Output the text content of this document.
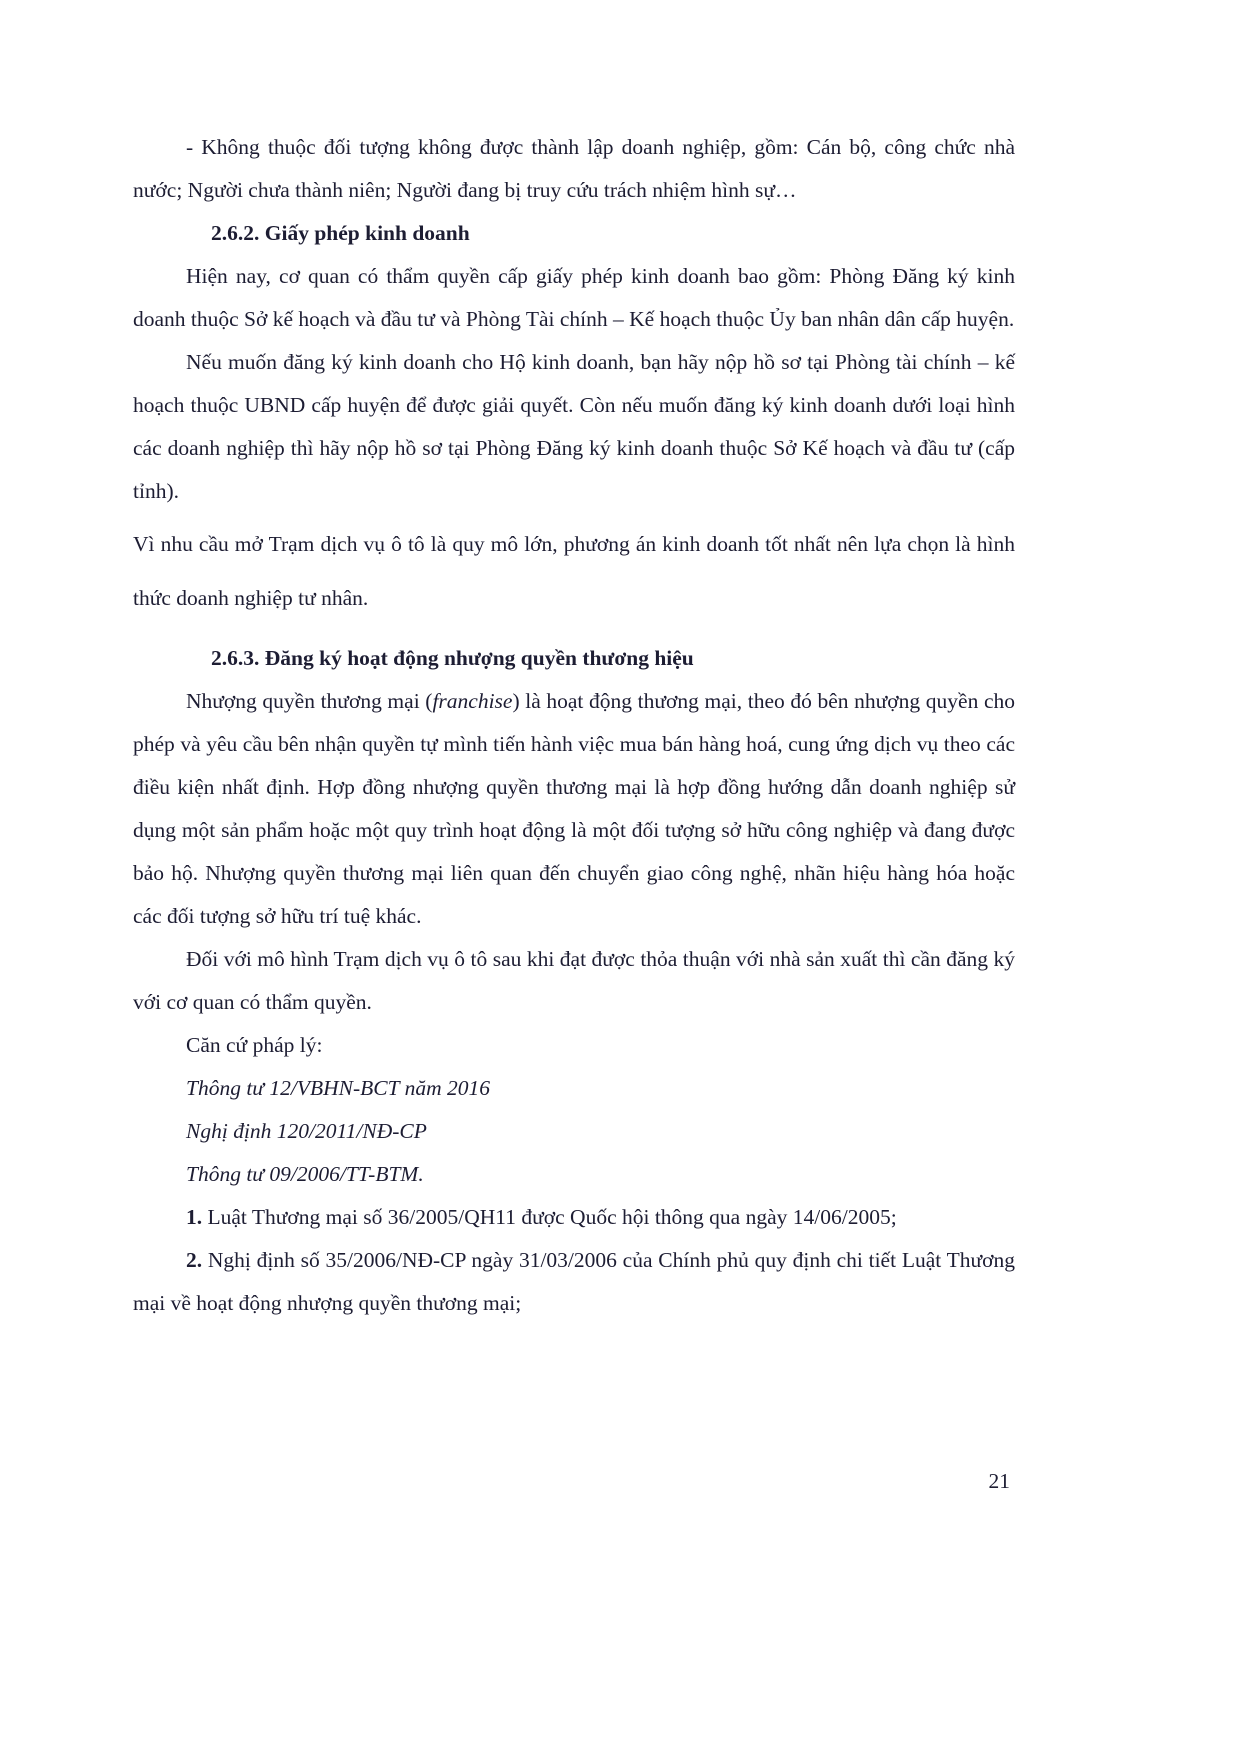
- Không thuộc đối tượng không được thành lập doanh nghiệp, gồm: Cán bộ, công chức nhà nước; Người chưa thành niên; Người đang bị truy cứu trách nhiệm hình sự…

2.6.2. Giấy phép kinh doanh

Hiện nay, cơ quan có thẩm quyền cấp giấy phép kinh doanh bao gồm: Phòng Đăng ký kinh doanh thuộc Sở kế hoạch và đầu tư và Phòng Tài chính – Kế hoạch thuộc Ủy ban nhân dân cấp huyện.

Nếu muốn đăng ký kinh doanh cho Hộ kinh doanh, bạn hãy nộp hồ sơ tại Phòng tài chính – kế hoạch thuộc UBND cấp huyện để được giải quyết. Còn nếu muốn đăng ký kinh doanh dưới loại hình các doanh nghiệp thì hãy nộp hồ sơ tại Phòng Đăng ký kinh doanh thuộc Sở Kế hoạch và đầu tư (cấp tỉnh).

Vì nhu cầu mở Trạm dịch vụ ô tô là quy mô lớn, phương án kinh doanh tốt nhất nên lựa chọn là hình thức doanh nghiệp tư nhân.

2.6.3. Đăng ký hoạt động nhượng quyền thương hiệu

Nhượng quyền thương mại (franchise) là hoạt động thương mại, theo đó bên nhượng quyền cho phép và yêu cầu bên nhận quyền tự mình tiến hành việc mua bán hàng hoá, cung ứng dịch vụ theo các điều kiện nhất định. Hợp đồng nhượng quyền thương mại là hợp đồng hướng dẫn doanh nghiệp sử dụng một sản phẩm hoặc một quy trình hoạt động là một đối tượng sở hữu công nghiệp và đang được bảo hộ. Nhượng quyền thương mại liên quan đến chuyển giao công nghệ, nhãn hiệu hàng hóa hoặc các đối tượng sở hữu trí tuệ khác.

Đối với mô hình Trạm dịch vụ ô tô sau khi đạt được thỏa thuận với nhà sản xuất thì cần đăng ký với cơ quan có thẩm quyền.

Căn cứ pháp lý:

Thông tư 12/VBHN-BCT năm 2016

Nghị định 120/2011/NĐ-CP

Thông tư 09/2006/TT-BTM.

1. Luật Thương mại số 36/2005/QH11 được Quốc hội thông qua ngày 14/06/2005;

2. Nghị định số 35/2006/NĐ-CP ngày 31/03/2006 của Chính phủ quy định chi tiết Luật Thương mại về hoạt động nhượng quyền thương mại;

21
